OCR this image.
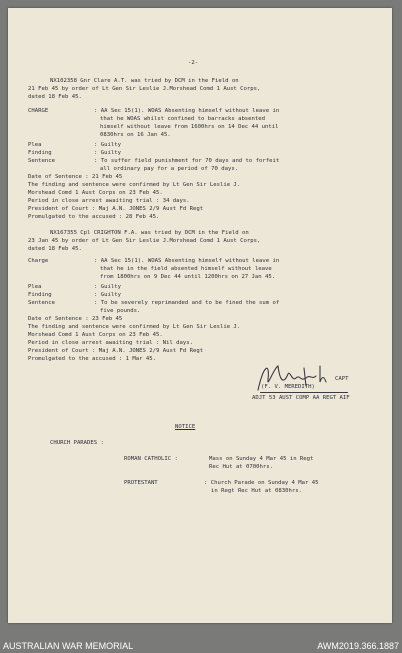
-2-
NX102358 Gnr Clare A.T. was tried by DCM in the Field on
21 Feb 45 by order of Lt Gen Sir Leslie J.Morshead Comd 1 Aust Corps,
dated 18 Feb 45.
CHARGE	: AA Sec 15(1). WOAS Absenting himself without leave in
that he WOAS whilst confined to barracks absented
himself without leave from 1600hrs on 14 Dec 44 until
0830hrs on 16 Jan 45.
Plea	: Guilty
Finding	: Guilty
Sentence	: To suffer field punishment for 70 days and to forfeit
all ordinary pay for a period of 70 days.
Date of Sentence : 21 Feb 45
The finding and sentence were confirmed by Lt Gen Sir Leslie J.
Morshead Comd 1 Aust Corps on 23 Feb 45.
Period in close arrest awaiting trial : 34 days.
President of Court : Maj A.N. JONES 2/9 Aust Fd Regt
Promulgated to the accused : 28 Feb 45.
NX167355 Cpl CRIGHTON F.A. was tried by DCM in the Field on
23 Jan 45 by order of Lt Gen Sir Leslie J.Morshead Comd 1 Aust Corps,
dated 18 Feb 45.
Charge	: AA Sec 15(1). WOAS Absenting himself without leave in
that he in the field absented himself without leave
from 1800hrs on 9 Dec 44 until 1200hrs on 27 Jan 45.
Plea	: Guilty
Finding	: Guilty
Sentence	: To be severely reprimanded and to be fined the sum of
five pounds.
Date of Sentence : 23 Feb 45
The finding and sentence were confirmed by Lt Gen Sir Leslie J.
Morshead Comd 1 Aust Corps on 23 Feb 45.
Period in close arrest awaiting trial : Nil days.
President of Court : Maj A.N. JONES 2/9 Aust Fd Regt
Promulgated to the accused : 1 Mar 45.
CAPT
(F. V. MEREDITH)
ADJT 53 AUST COMP AA REGT AIF
NOTICE
CHURCH PARADES :
ROMAN CATHOLIC :	Mass on Sunday 4 Mar 45 in Regt
Rec Hut at 0700hrs.
PROTESTANT	: Church Parade on Sunday 4 Mar 45
in Regt Rec Hut at 0830hrs.
AUSTRALIAN WAR MEMORIAL	AWM2019.366.1887
